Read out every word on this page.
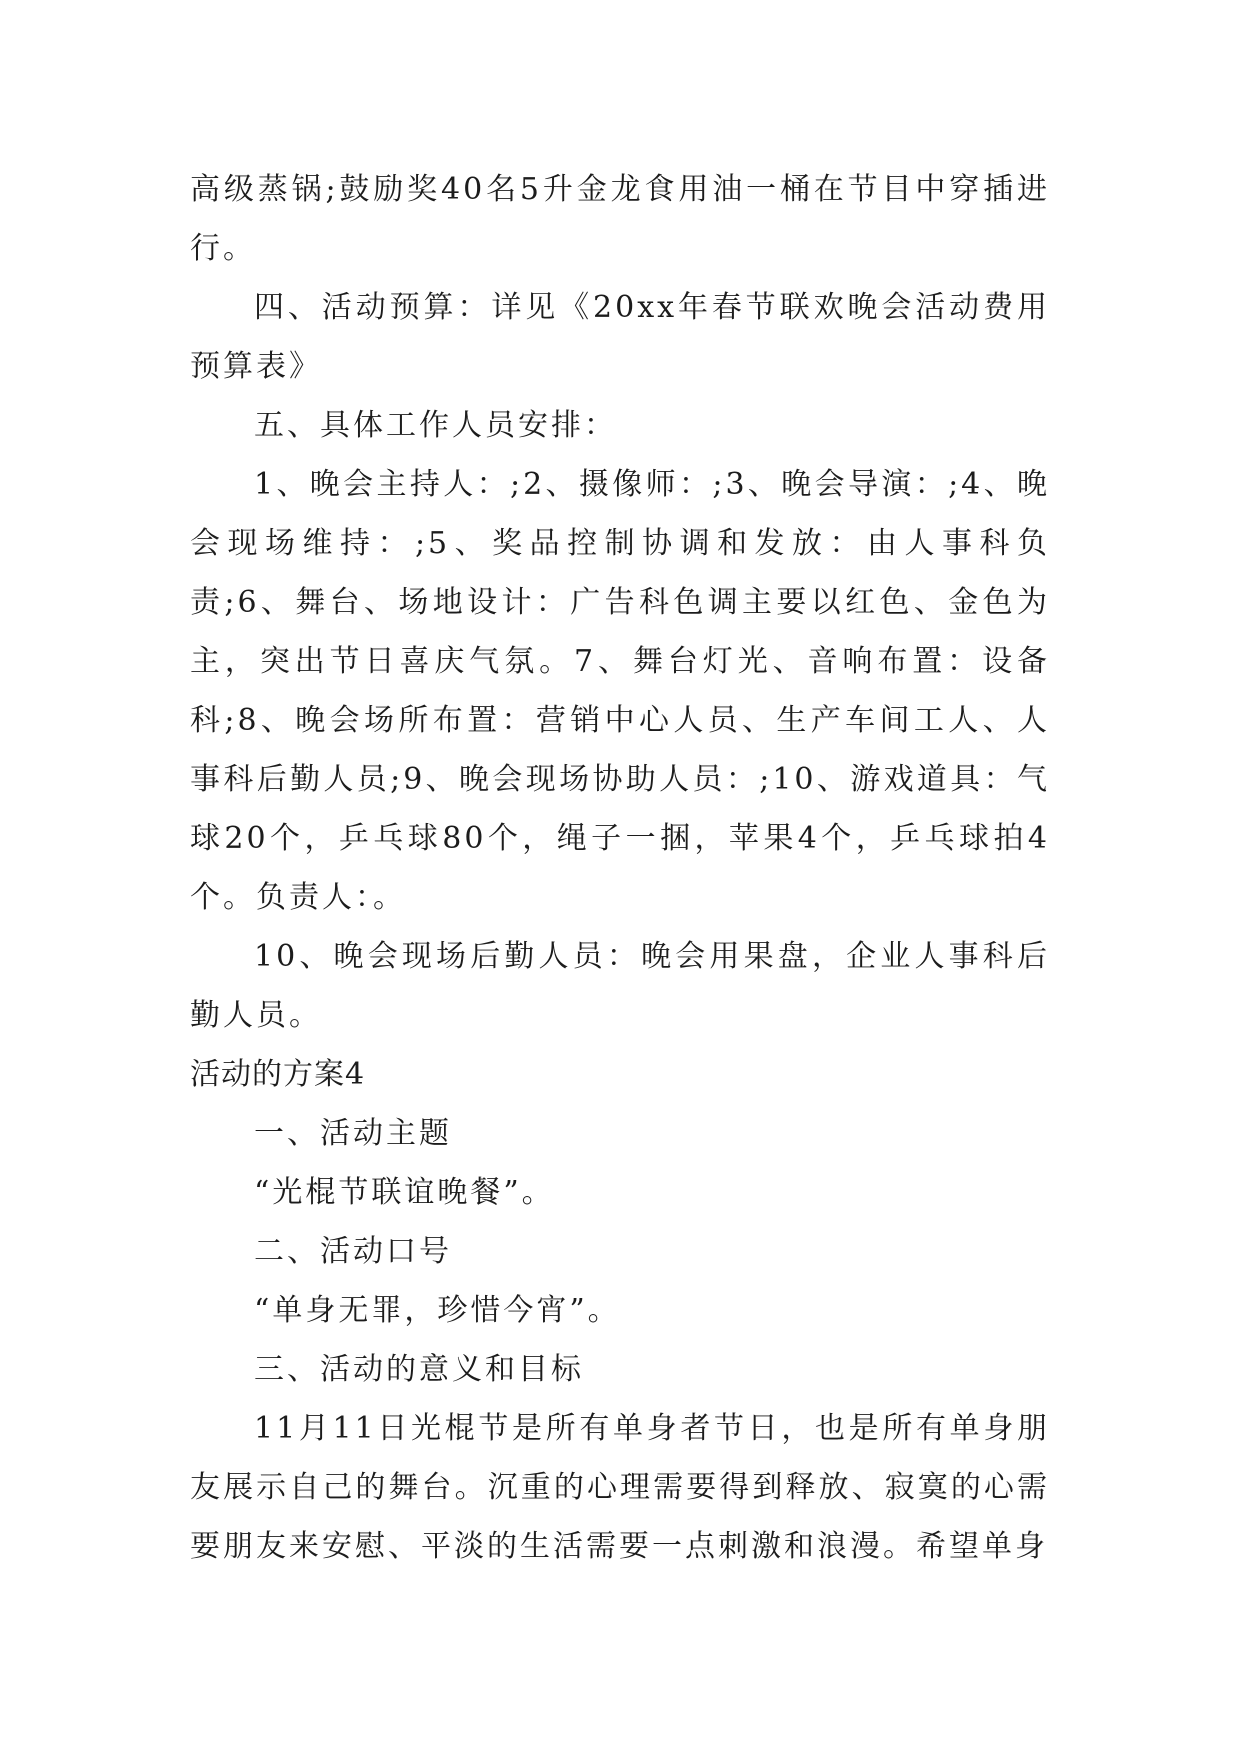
高级蒸锅;鼓励奖40名5升金龙食用油一桶在节目中穿插进行。

四、活动预算：详见《20xx年春节联欢晚会活动费用预算表》

五、具体工作人员安排：

1、晚会主持人：;2、摄像师：;3、晚会导演：;4、晚会现场维持：;5、奖品控制协调和发放：由人事科负责;6、舞台、场地设计：广告科色调主要以红色、金色为主，突出节日喜庆气氛。7、舞台灯光、音响布置：设备科;8、晚会场所布置：营销中心人员、生产车间工人、人事科后勤人员;9、晚会现场协助人员：;10、游戏道具：气球20个，乒乓球80个，绳子一捆，苹果4个，乒乓球拍4个。负责人：。

10、晚会现场后勤人员：晚会用果盘，企业人事科后勤人员。

活动的方案4

一、活动主题

“光棍节联谊晚餐”。

二、活动口号

“单身无罪，珍惜今宵”。

三、活动的意义和目标

11月11日光棍节是所有单身者节日，也是所有单身朋友展示自己的舞台。沉重的心理需要得到释放、寂寞的心需要朋友来安慰、平淡的生活需要一点刺激和浪漫。希望单身
